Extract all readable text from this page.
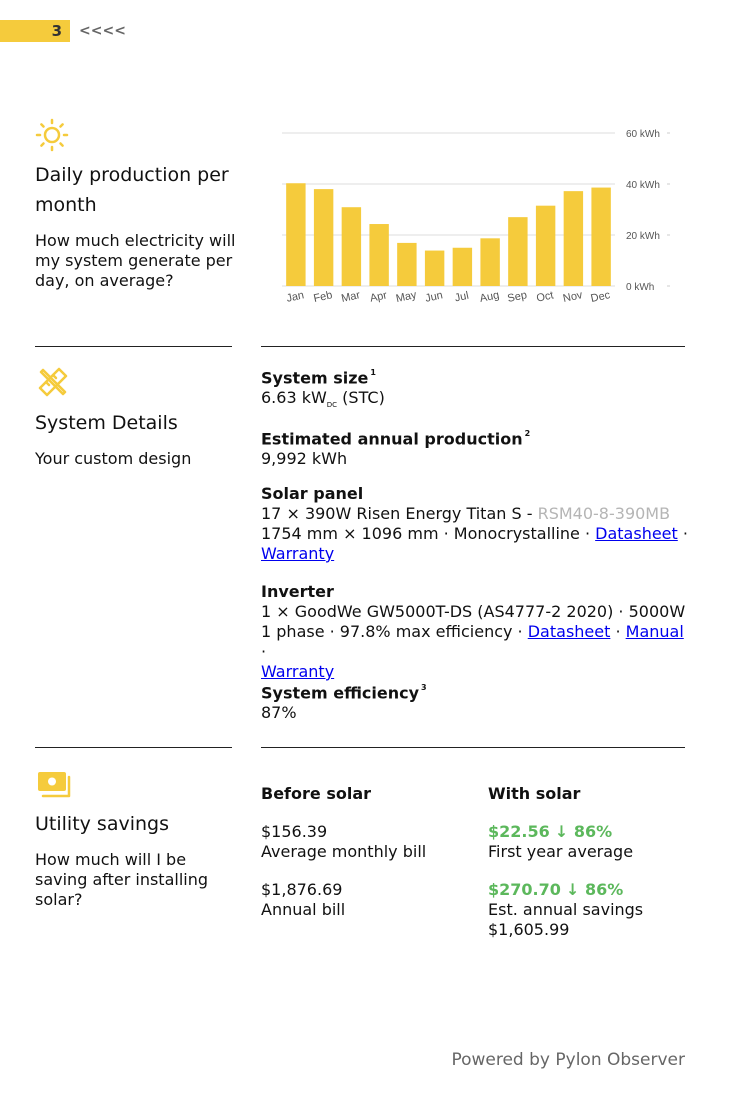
3	<<<<
Daily production per month
How much electricity will my system generate per day, on average?	0 kWh
20 kWh
40 kWh
60 kWh
Jan Feb Mar Apr May Jun Jul Aug Sep Oct Nov Dec
System Details
Your custom design
System size $^1$
6.63 $kW_{DC}$ (STC)
Estimated annual production $^2$
9,992 kWh
Solar panel
17 × 390W Risen Energy Titan S - RSM40-8-390MB
1754 mm × 1096 mm · Monocrystalline · Datasheet ·
Warranty
Inverter
1 × GoodWe GW5000T-DS (AS4777-2 2020) · 5000W
1 phase · 97.8% max efficiency · Datasheet · Manual ·
Warranty
System efficiency $^3$
87%
Utility savings
How much will I be saving after installing solar?
Before solar
$156.39
Average monthly bill
$1,876.69
Annual bill
With solar
$22.56 ↓ 86%
First year average
$270.70 ↓ 86%
Est. annual savings
$1,605.99
Powered by Pylon Observer
